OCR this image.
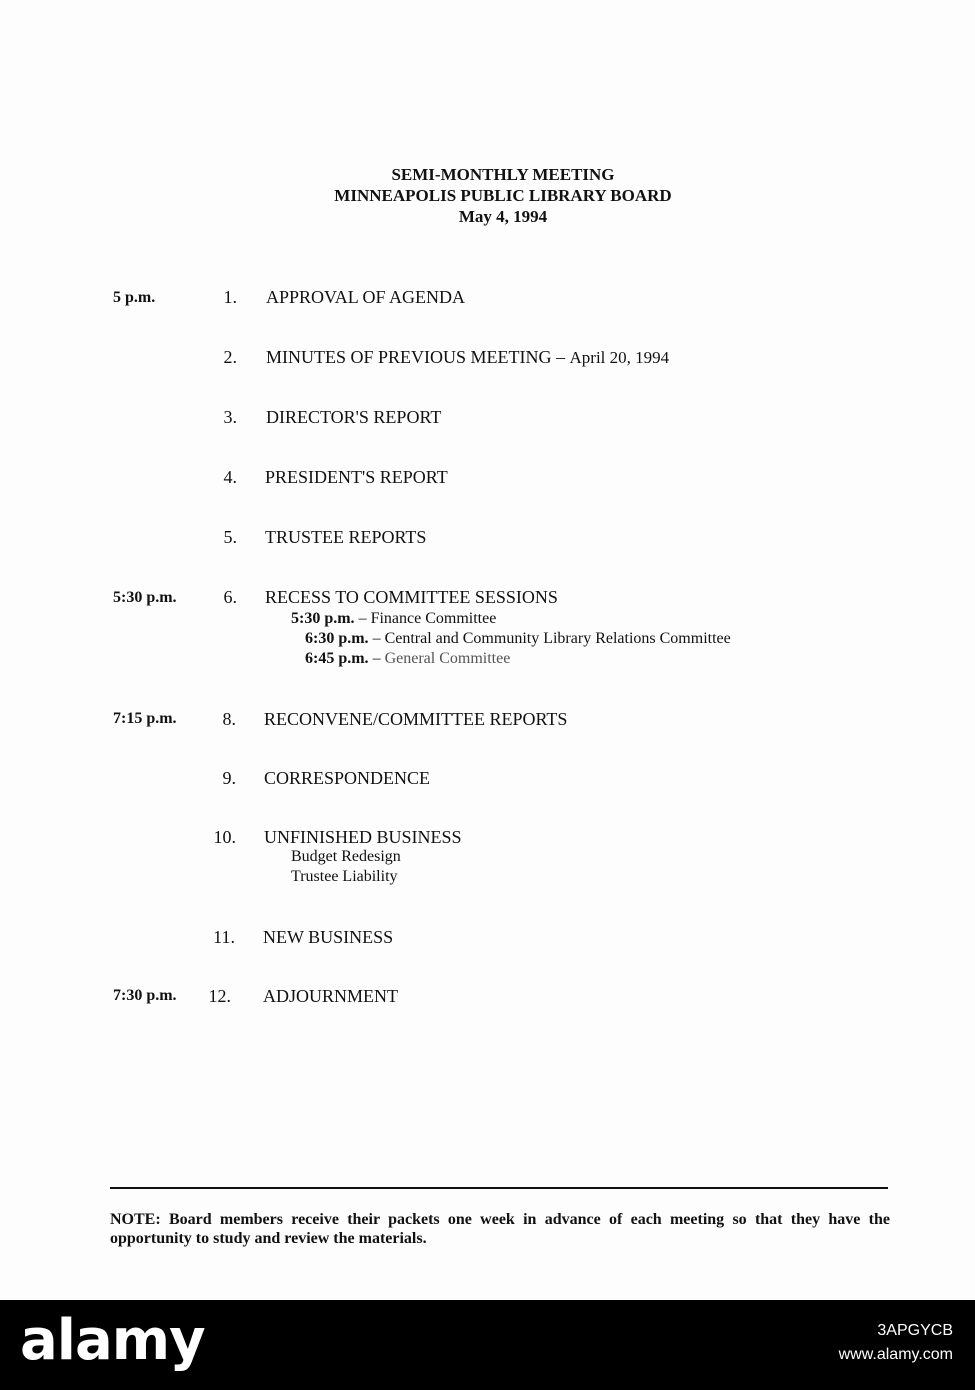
SEMI-MONTHLY MEETING
MINNEAPOLIS PUBLIC LIBRARY BOARD
May 4, 1994
5 p.m.	1. APPROVAL OF AGENDA
2. MINUTES OF PREVIOUS MEETING – April 20, 1994
3. DIRECTOR'S REPORT
4. PRESIDENT'S REPORT
5. TRUSTEE REPORTS
5:30 p.m.	6. RECESS TO COMMITTEE SESSIONS
5:30 p.m. – Finance Committee
6:30 p.m. – Central and Community Library Relations Committee
6:45 p.m. – General Committee
7:15 p.m.	8. RECONVENE/COMMITTEE REPORTS
9. CORRESPONDENCE
10. UNFINISHED BUSINESS
Budget Redesign
Trustee Liability
11. NEW BUSINESS
7:30 p.m.	12. ADJOURNMENT
NOTE: Board members receive their packets one week in advance of each meeting so that they have the opportunity to study and review the materials.
alamy	3APGYCB
www.alamy.com
